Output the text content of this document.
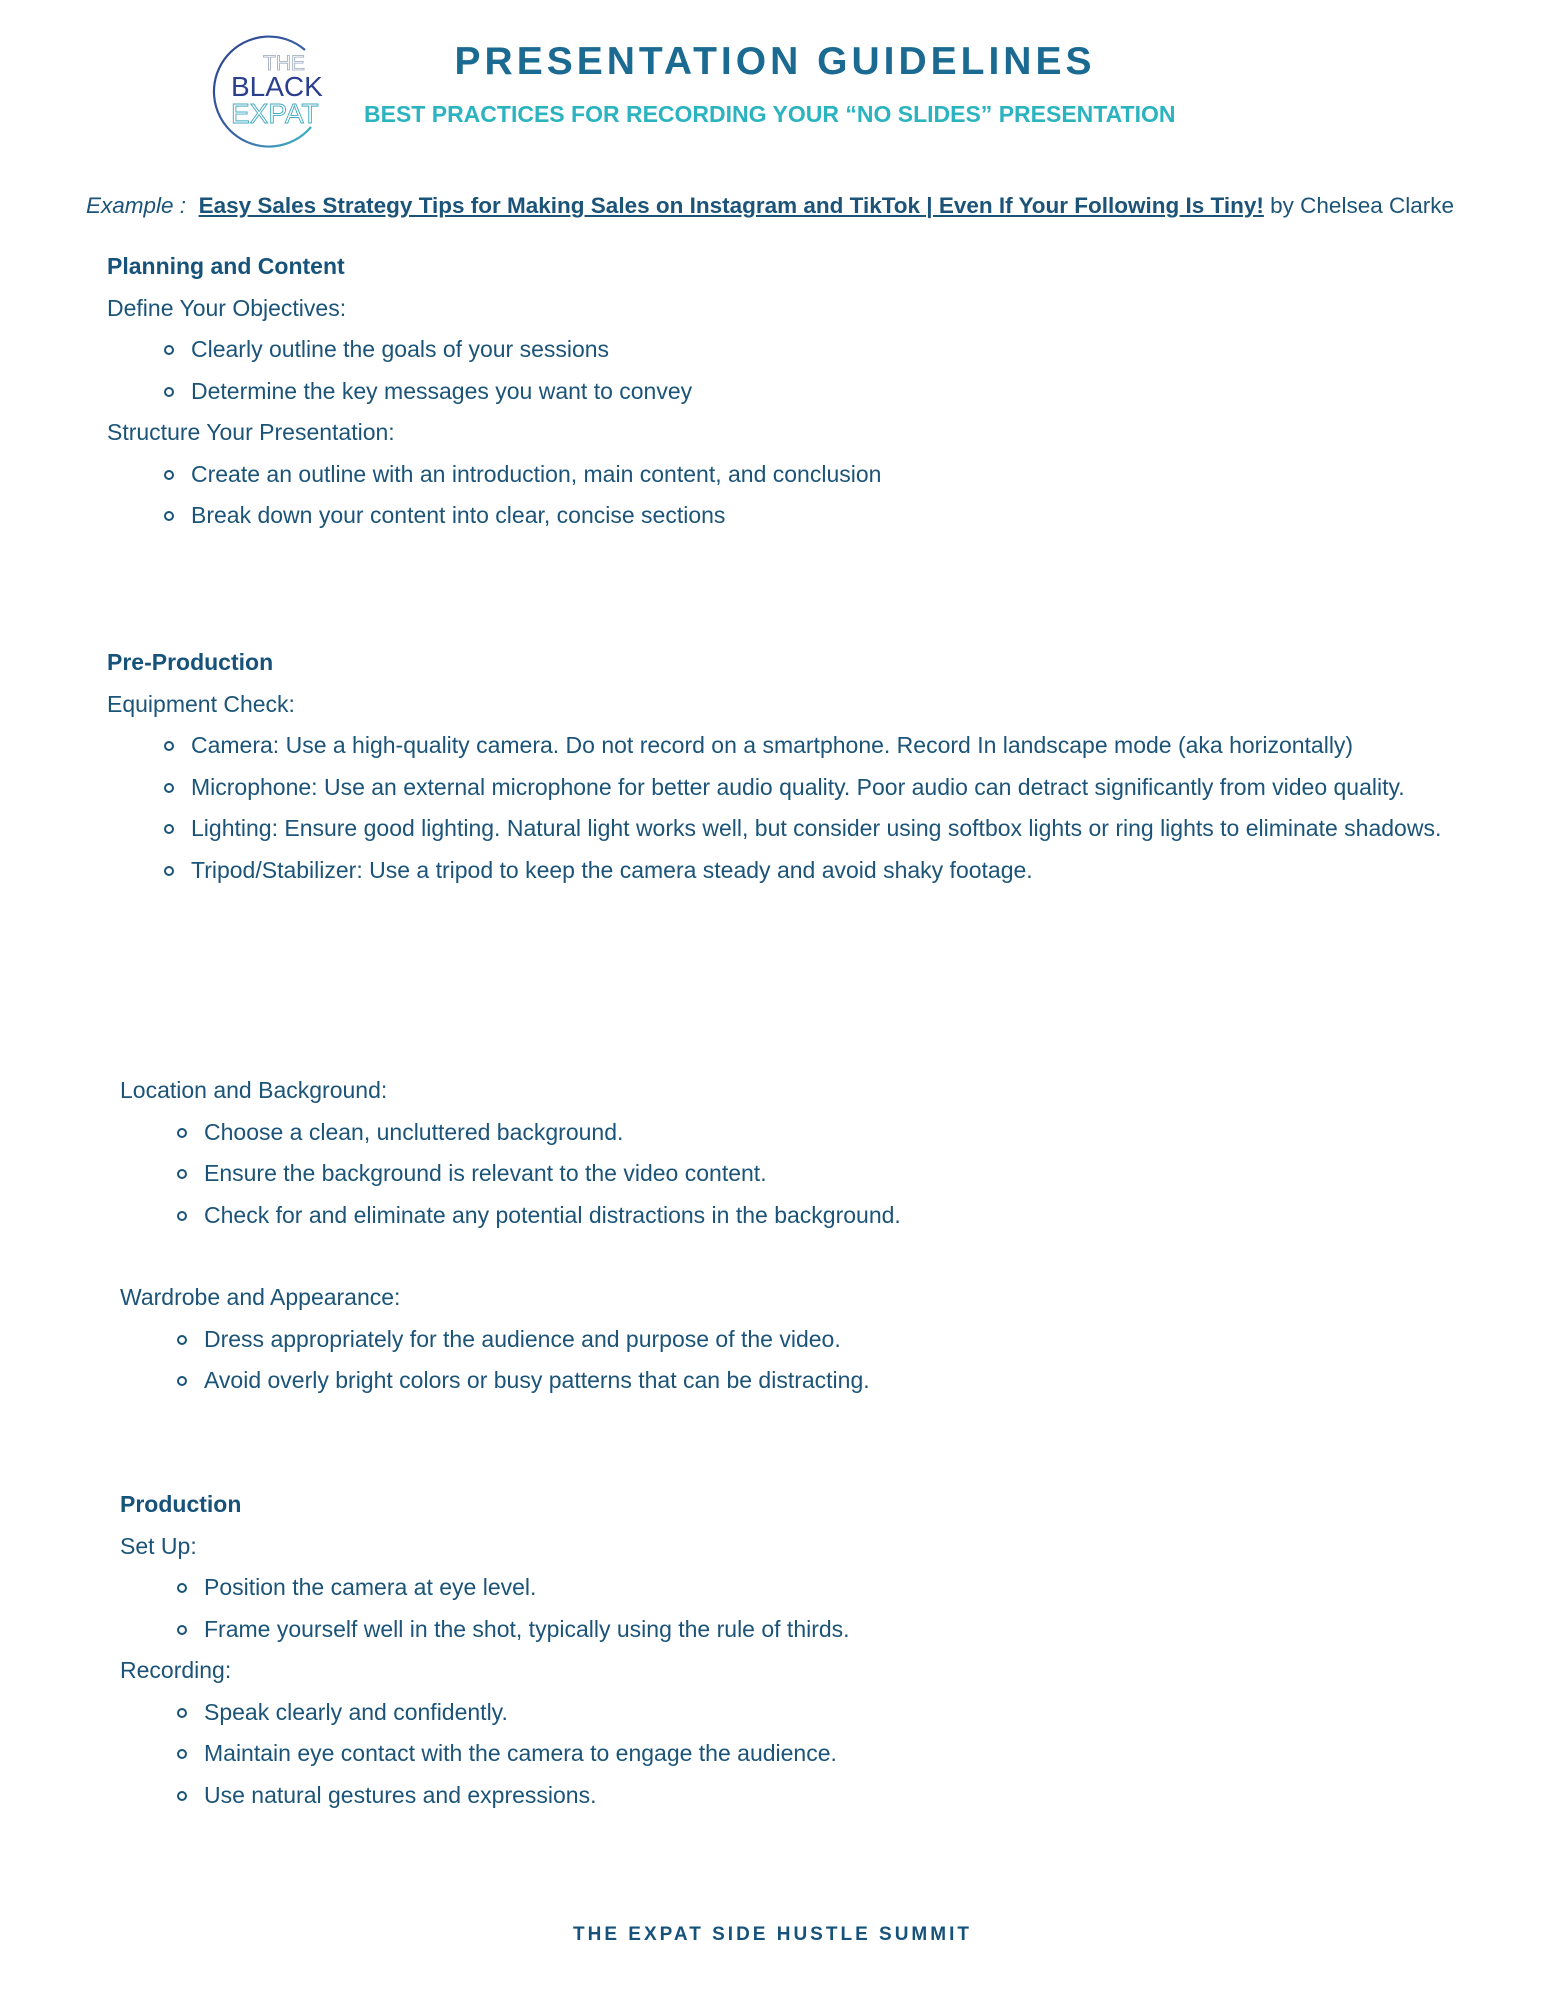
THE
BLACK
EXPAT
PRESENTATION GUIDELINES

BEST PRACTICES FOR RECORDING YOUR “NO SLIDES” PRESENTATION

Example : Easy Sales Strategy Tips for Making Sales on Instagram and TikTok | Even If Your Following Is Tiny! by Chelsea Clarke
Planning and Content

Define Your Objectives:

Clearly outline the goals of your sessions
Determine the key messages you want to convey

Structure Your Presentation:

Create an outline with an introduction, main content, and conclusion
Break down your content into clear, concise sections
Pre-Production

Equipment Check:

Camera: Use a high-quality camera. Do not record on a smartphone. Record In landscape mode (aka horizontally)
Microphone: Use an external microphone for better audio quality. Poor audio can detract significantly from video quality.
Lighting: Ensure good lighting. Natural light works well, but consider using softbox lights or ring lights to eliminate shadows.
Tripod/Stabilizer: Use a tripod to keep the camera steady and avoid shaky footage.

Location and Background:

Choose a clean, uncluttered background.
Ensure the background is relevant to the video content.
Check for and eliminate any potential distractions in the background.

Wardrobe and Appearance:

Dress appropriately for the audience and purpose of the video.
Avoid overly bright colors or busy patterns that can be distracting.
Production

Set Up:

Position the camera at eye level.
Frame yourself well in the shot, typically using the rule of thirds.

Recording:

Speak clearly and confidently.
Maintain eye contact with the camera to engage the audience.
Use natural gestures and expressions.
THE EXPAT SIDE HUSTLE SUMMIT
